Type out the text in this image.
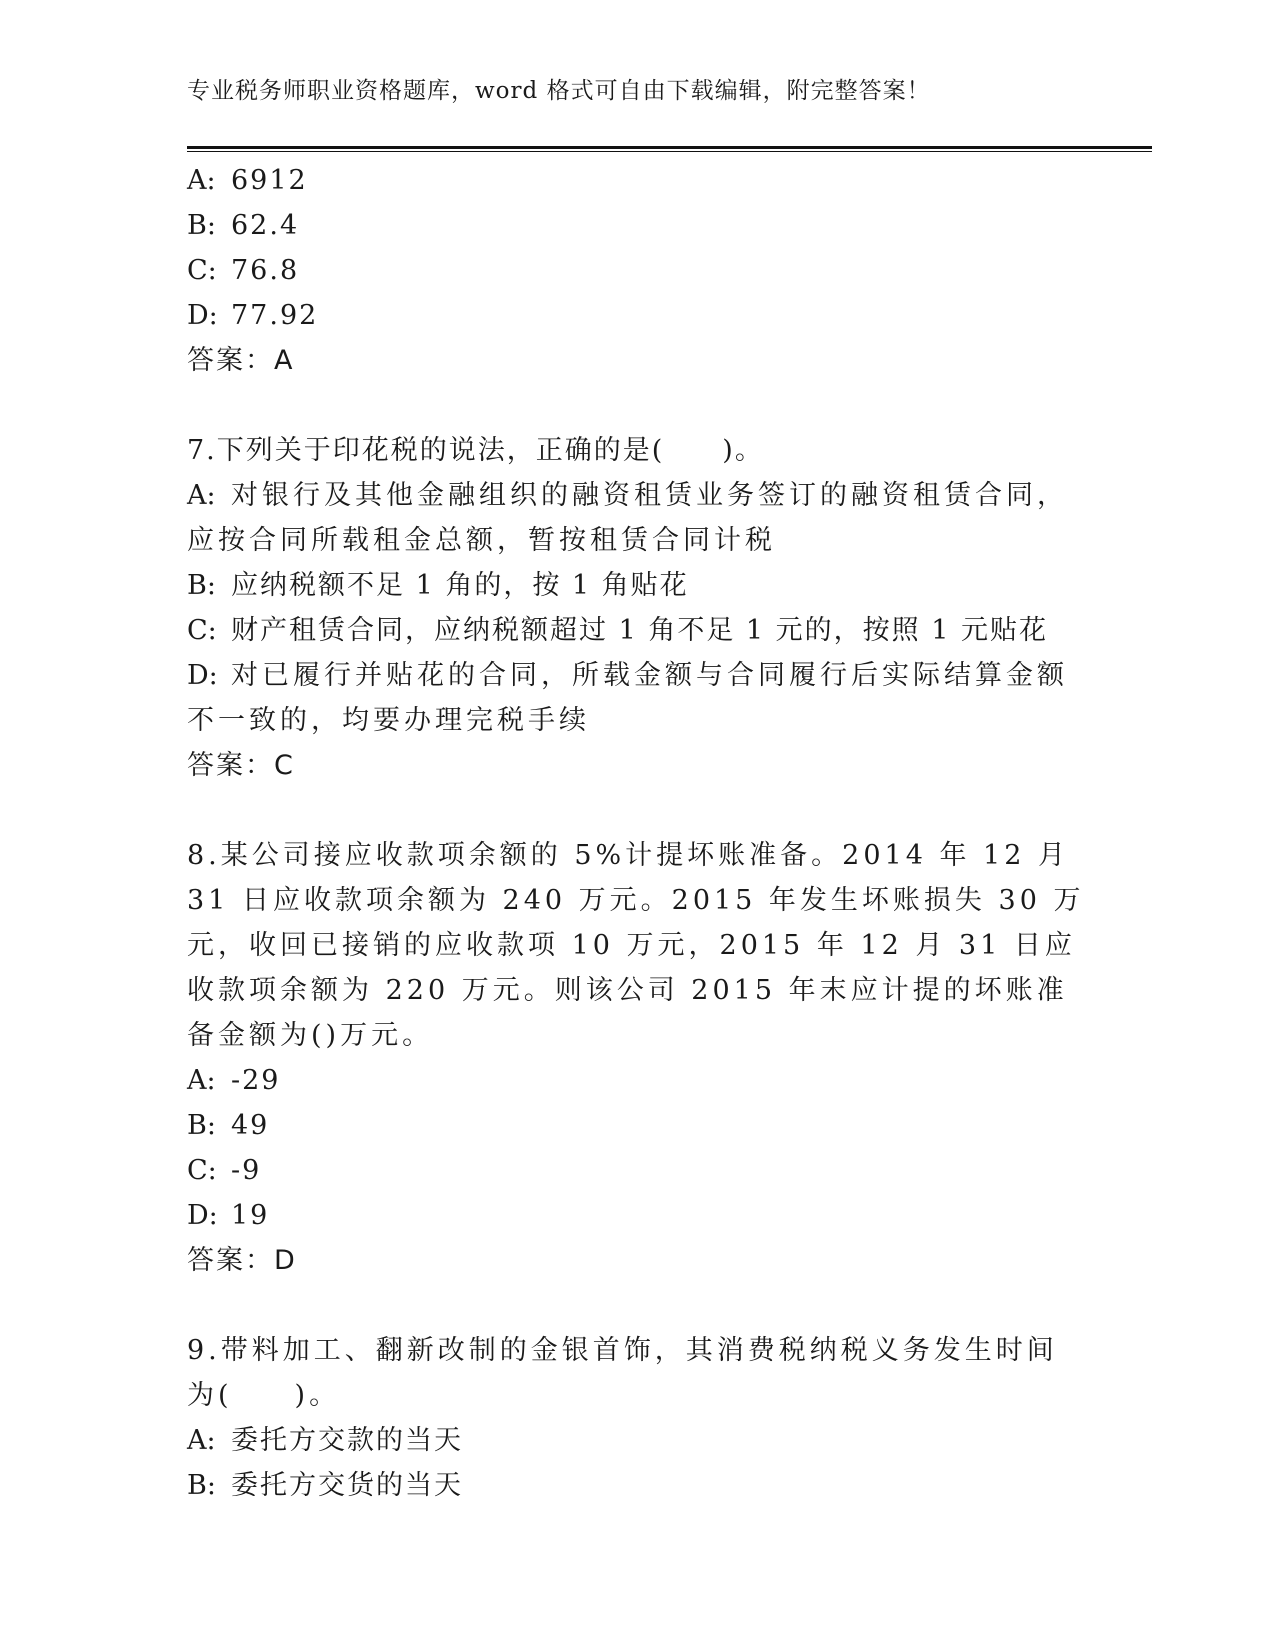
专业税务师职业资格题库，word 格式可自由下载编辑，附完整答案！
A: 6912
B: 62.4
C: 76.8
D: 77.92
答案：A
7.下列关于印花税的说法，正确的是(　　)。
A: 对银行及其他金融组织的融资租赁业务签订的融资租赁合同，应按合同所载租金总额，暂按租赁合同计税
B: 应纳税额不足 1 角的，按 1 角贴花
C: 财产租赁合同，应纳税额超过 1 角不足 1 元的，按照 1 元贴花
D: 对已履行并贴花的合同，所载金额与合同履行后实际结算金额不一致的，均要办理完税手续
答案：C
8.某公司接应收款项余额的 5%计提坏账准备。2014 年 12 月 31 日应收款项余额为 240 万元。2015 年发生坏账损失 30 万元，收回已接销的应收款项 10 万元，2015 年 12 月 31 日应收款项余额为 220 万元。则该公司 2015 年末应计提的坏账准备金额为()万元。
A: -29
B: 49
C: -9
D: 19
答案：D
9.带料加工、翻新改制的金银首饰，其消费税纳税义务发生时间为(　　)。
A: 委托方交款的当天
B: 委托方交货的当天
